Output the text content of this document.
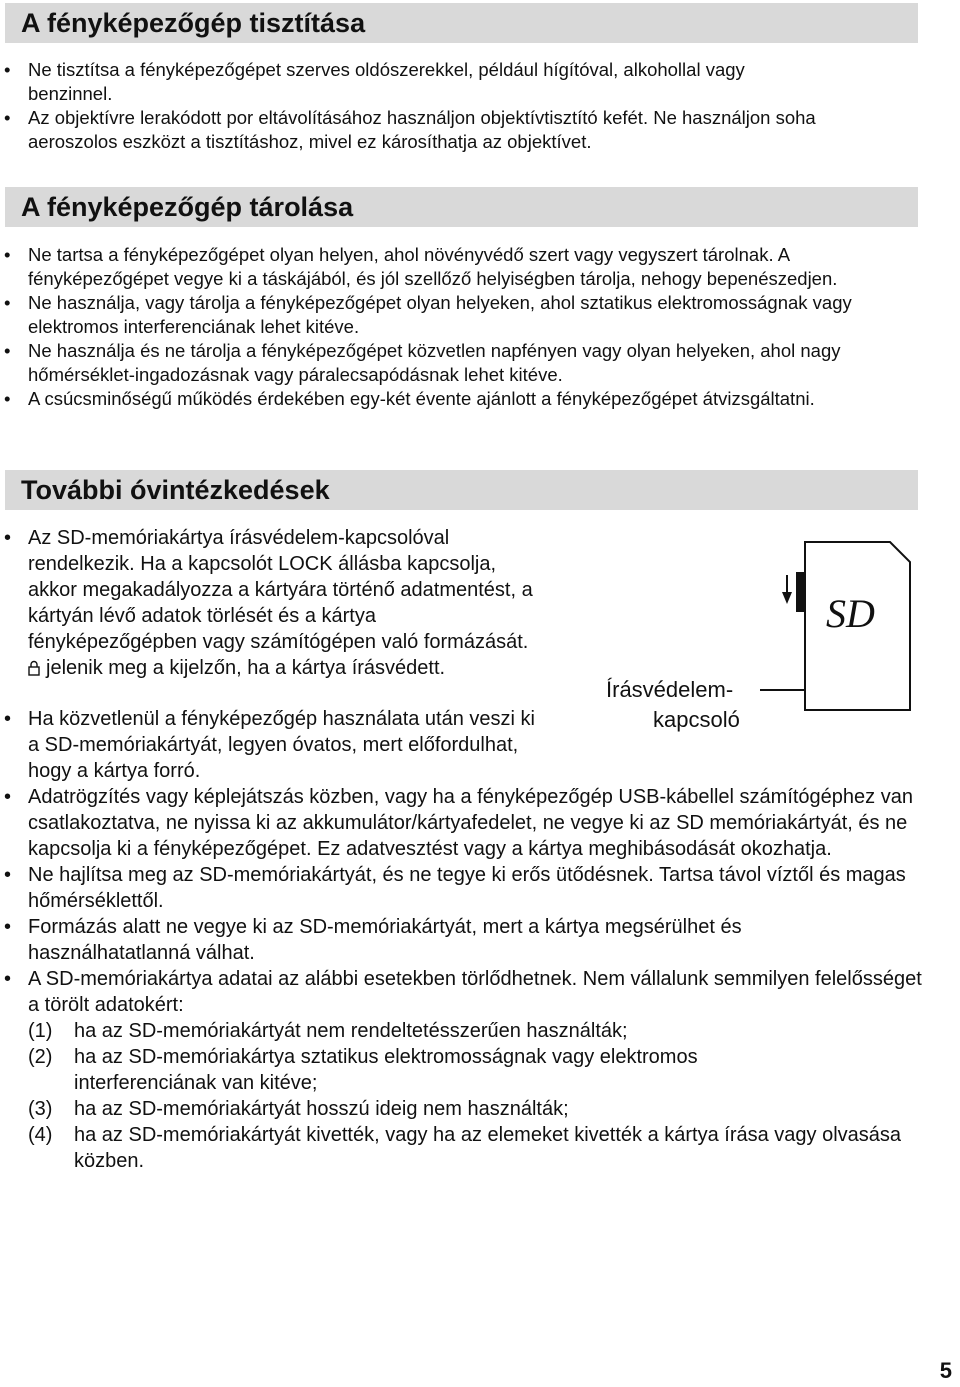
A fényképezőgép tisztítása
• Ne tisztítsa a fényképezőgépet szerves oldószerekkel, például hígítóval, alkohollal vagy benzinnel.
• Az objektívre lerakódott por eltávolításához használjon objektívtisztító kefét. Ne használjon soha aeroszolos eszközt a tisztításhoz, mivel ez károsíthatja az objektívet.
A fényképezőgép tárolása
• Ne tartsa a fényképezőgépet olyan helyen, ahol növényvédő szert vagy vegyszert tárolnak. A fényképezőgépet vegye ki a táskájából, és jól szellőző helyiségben tárolja, nehogy bepenészedjen.
• Ne használja, vagy tárolja a fényképezőgépet olyan helyeken, ahol sztatikus elektromosságnak vagy elektromos interferenciának lehet kitéve.
• Ne használja és ne tárolja a fényképezőgépet közvetlen napfényen vagy olyan helyeken, ahol nagy hőmérséklet-ingadozásnak vagy páralecsapódásnak lehet kitéve.
• A csúcsminőségű működés érdekében egy-két évente ajánlott a fényképezőgépet átvizsgáltatni.
További óvintézkedések
• Az SD-memóriakártya írásvédelem-kapcsolóval rendelkezik. Ha a kapcsolót LOCK állásba kapcsolja, akkor megakadályozza a kártyára történő adatmentést, a kártyán lévő adatok törlését és a kártya fényképezőgépben vagy számítógépen való formázását.
jelenik meg a kijelzőn, ha a kártya írásvédett.
• Ha közvetlenül a fényképezőgép használata után veszi ki a SD-memóriakártyát, legyen óvatos, mert előfordulhat, hogy a kártya forró.
• Adatrögzítés vagy képlejátszás közben, vagy ha a fényképezőgép USB-kábellel számítógéphez van csatlakoztatva, ne nyissa ki az akkumulátor/kártyafedelet, ne vegye ki az SD memóriakártyát, és ne kapcsolja ki a fényképezőgépet. Ez adatvesztést vagy a kártya meghibásodását okozhatja.
• Ne hajlítsa meg az SD-memóriakártyát, és ne tegye ki erős ütődésnek. Tartsa távol víztől és magas hőmérséklettől.
• Formázás alatt ne vegye ki az SD-memóriakártyát, mert a kártya megsérülhet és használhatatlanná válhat.
• A SD-memóriakártya adatai az alábbi esetekben törlődhetnek. Nem vállalunk semmilyen felelősséget a törölt adatokért:
(1) ha az SD-memóriakártyát nem rendeltetésszerűen használták;
(2) ha az SD-memóriakártya sztatikus elektromosságnak vagy elektromos interferenciának van kitéve;
(3) ha az SD-memóriakártyát hosszú ideig nem használták;
(4) ha az SD-memóriakártyát kivették, vagy ha az elemeket kivették a kártya írása vagy olvasása közben.
SD
Írásvédelem-
kapcsoló
5
